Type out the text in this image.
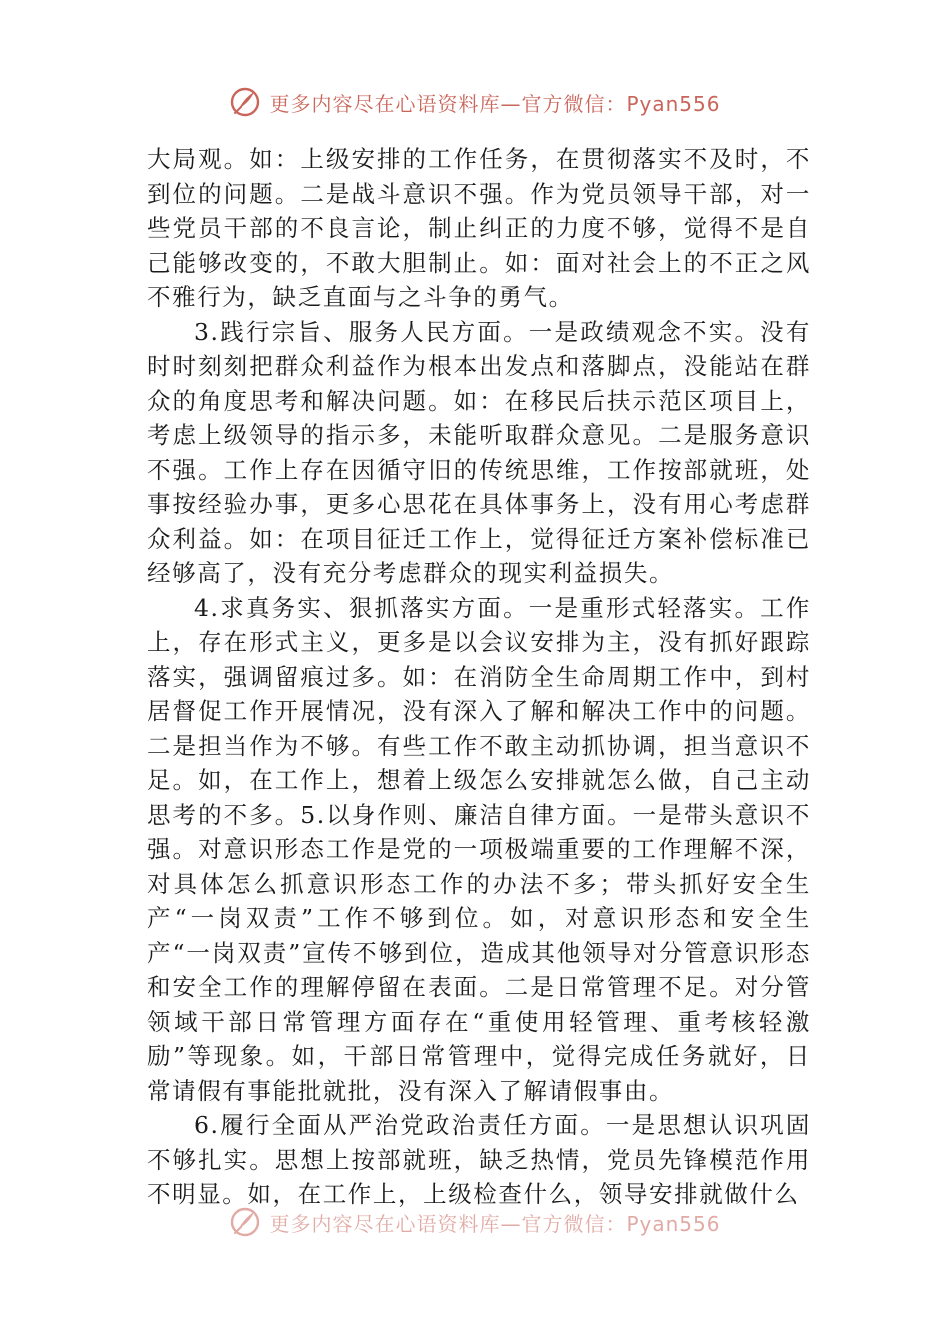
更多内容尽在心语资料库—官方微信：Pyan556

大局观。如：上级安排的工作任务，在贯彻落实不及时，不到位的问题。二是战斗意识不强。作为党员领导干部，对一些党员干部的不良言论，制止纠正的力度不够，觉得不是自己能够改变的，不敢大胆制止。如：面对社会上的不正之风不雅行为，缺乏直面与之斗争的勇气。

3.践行宗旨、服务人民方面。一是政绩观念不实。没有时时刻刻把群众利益作为根本出发点和落脚点，没能站在群众的角度思考和解决问题。如：在移民后扶示范区项目上，考虑上级领导的指示多，未能听取群众意见。二是服务意识不强。工作上存在因循守旧的传统思维，工作按部就班，处事按经验办事，更多心思花在具体事务上，没有用心考虑群众利益。如：在项目征迁工作上，觉得征迁方案补偿标准已经够高了，没有充分考虑群众的现实利益损失。

4.求真务实、狠抓落实方面。一是重形式轻落实。工作上，存在形式主义，更多是以会议安排为主，没有抓好跟踪落实，强调留痕过多。如：在消防全生命周期工作中，到村居督促工作开展情况，没有深入了解和解决工作中的问题。二是担当作为不够。有些工作不敢主动抓协调，担当意识不足。如，在工作上，想着上级怎么安排就怎么做，自己主动思考的不多。5.以身作则、廉洁自律方面。一是带头意识不强。对意识形态工作是党的一项极端重要的工作理解不深，对具体怎么抓意识形态工作的办法不多；带头抓好安全生产“一岗双责”工作不够到位。如，对意识形态和安全生产“一岗双责”宣传不够到位，造成其他领导对分管意识形态和安全工作的理解停留在表面。二是日常管理不足。对分管领域干部日常管理方面存在“重使用轻管理、重考核轻激励”等现象。如，干部日常管理中，觉得完成任务就好，日常请假有事能批就批，没有深入了解请假事由。

6.履行全面从严治党政治责任方面。一是思想认识巩固不够扎实。思想上按部就班，缺乏热情，党员先锋模范作用不明显。如，在工作上，上级检查什么，领导安排就做什么

更多内容尽在心语资料库—官方微信：Pyan556
